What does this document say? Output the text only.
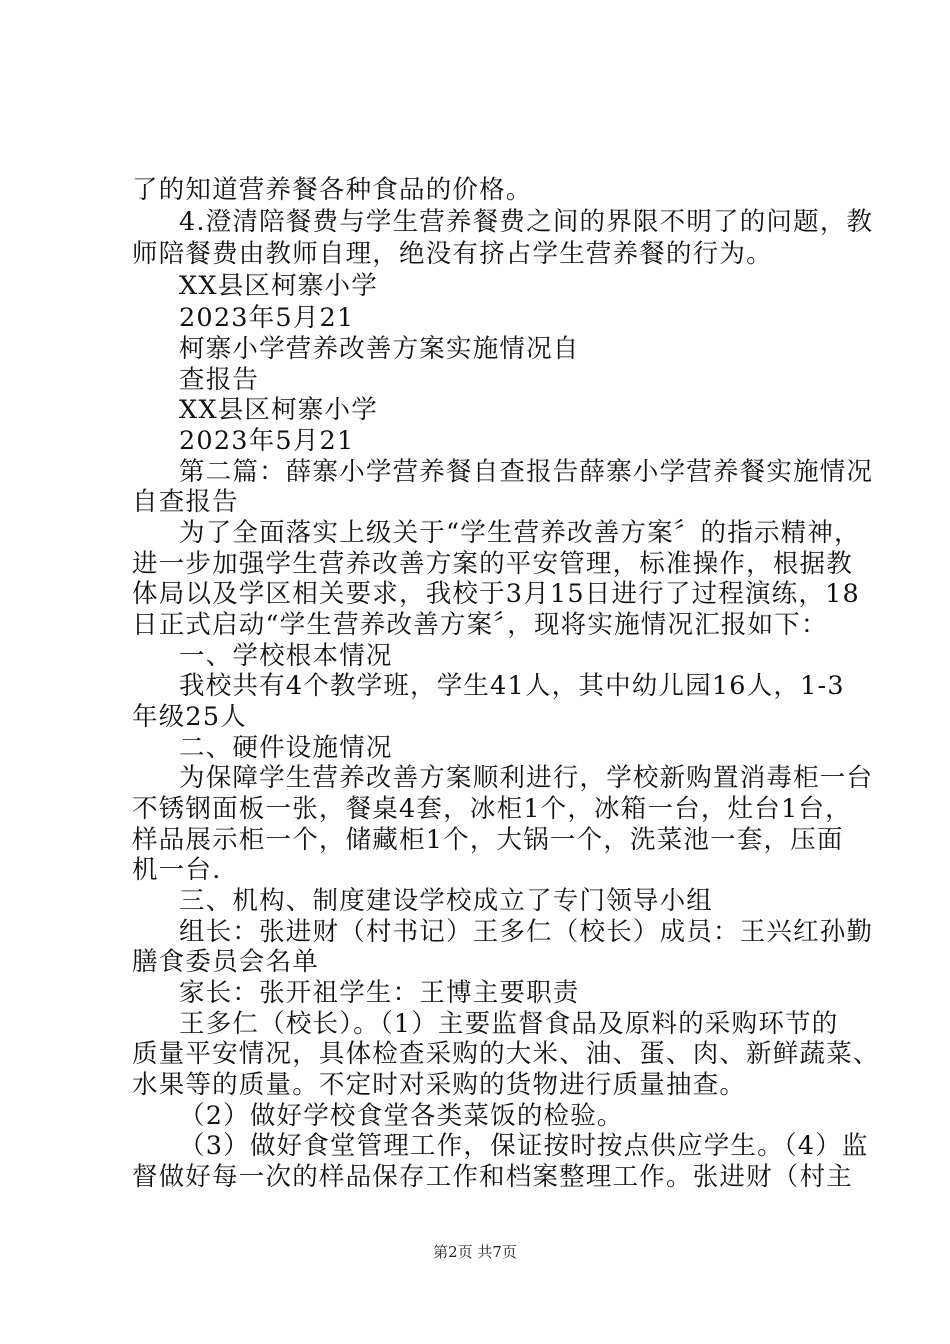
了的知道营养餐各种食品的价格。
4.澄清陪餐费与学生营养餐费之间的界限不明了的问题，教
师陪餐费由教师自理，绝没有挤占学生营养餐的行为。
XX县区柯寨小学
2023年5月21
柯寨小学营养改善方案实施情况自
查报告
XX县区柯寨小学
2023年5月21
第二篇：薛寨小学营养餐自查报告薛寨小学营养餐实施情况
自查报告
为了全面落实上级关于“学生营养改善方案〞的指示精神，
进一步加强学生营养改善方案的平安管理，标准操作，根据教
体局以及学区相关要求，我校于3月15日进行了过程演练，18
日正式启动“学生营养改善方案〞，现将实施情况汇报如下：
一、学校根本情况
我校共有4个教学班，学生41人，其中幼儿园16人，1-3
年级25人
二、硬件设施情况
为保障学生营养改善方案顺利进行，学校新购置消毒柜一台
不锈钢面板一张，餐桌4套，冰柜1个，冰箱一台，灶台1台，
样品展示柜一个，储藏柜1个，大锅一个，洗菜池一套，压面
机一台.
三、机构、制度建设学校成立了专门领导小组
组长：张进财（村书记）王多仁（校长）成员：王兴红孙勤
膳食委员会名单
家长：张开祖学生：王博主要职责
王多仁（校长）。（1）主要监督食品及原料的采购环节的
质量平安情况，具体检查采购的大米、油、蛋、肉、新鲜蔬菜、
水果等的质量。不定时对采购的货物进行质量抽查。
（2）做好学校食堂各类菜饭的检验。
（3）做好食堂管理工作，保证按时按点供应学生。（4）监
督做好每一次的样品保存工作和档案整理工作。张进财（村主
第2页 共7页
